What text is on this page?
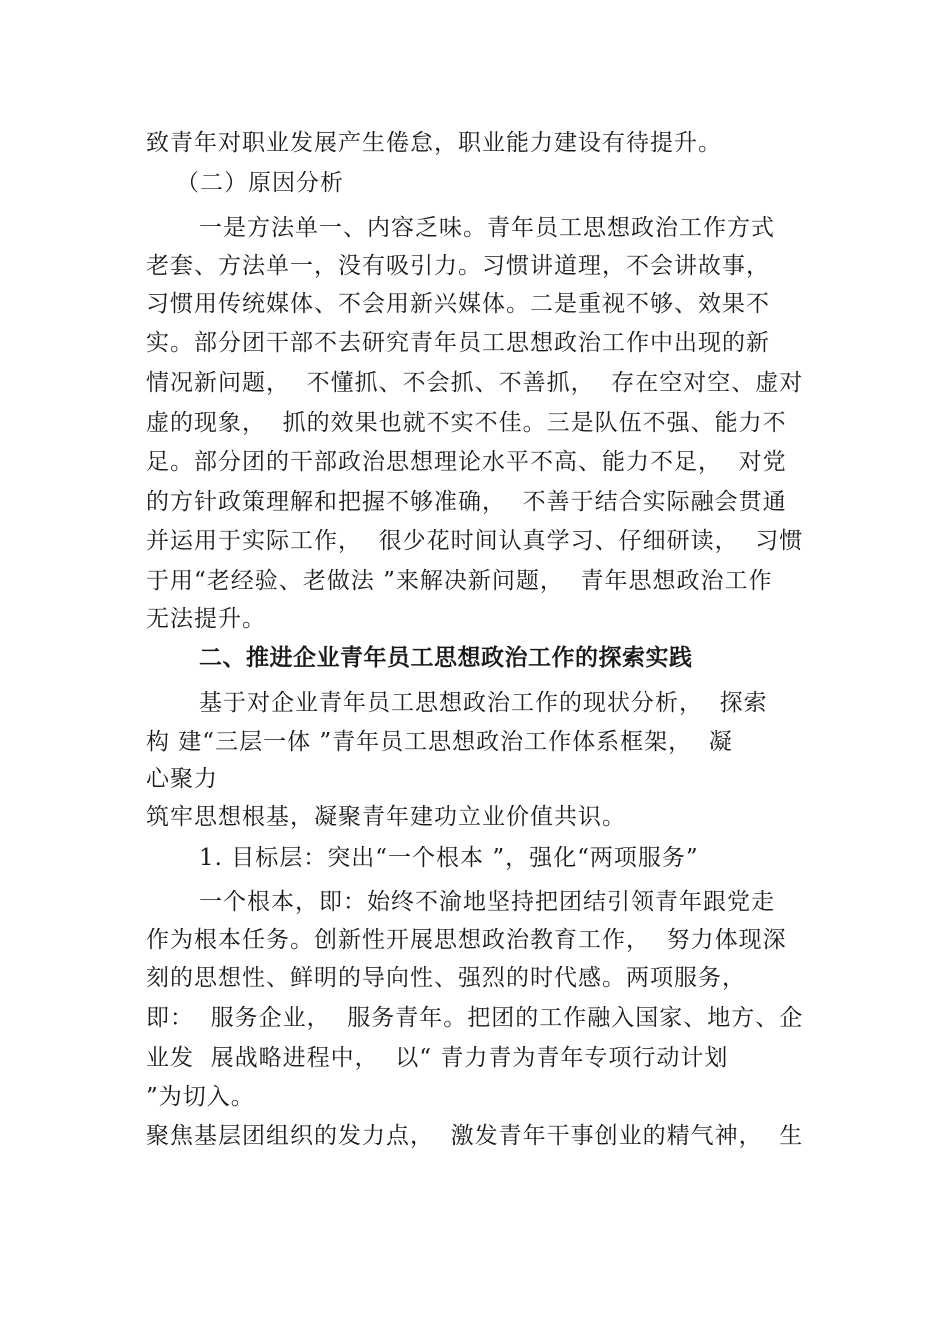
致青年对职业发展产生倦怠，职业能力建设有待提升。
（二）原因分析
一是方法单一、内容乏味。青年员工思想政治工作方式
老套、方法单一，没有吸引力。习惯讲道理，不会讲故事，
习惯用传统媒体、不会用新兴媒体。二是重视不够、效果不
实。部分团干部不去研究青年员工思想政治工作中出现的新
情况新问题，  不懂抓、不会抓、不善抓，  存在空对空、虚对
虚的现象，  抓的效果也就不实不佳。三是队伍不强、能力不
足。部分团的干部政治思想理论水平不高、能力不足，  对党
的方针政策理解和把握不够准确，  不善于结合实际融会贯通
并运用于实际工作，  很少花时间认真学习、仔细研读，  习惯
于用“老经验、老做法 ”来解决新问题，  青年思想政治工作
无法提升。
二、推进企业青年员工思想政治工作的探索实践
基于对企业青年员工思想政治工作的现状分析，  探索
构 建“三层一体 ”青年员工思想政治工作体系框架，  凝
心聚力
筑牢思想根基，凝聚青年建功立业价值共识。
1. 目标层：突出“一个根本 ”，强化“两项服务”
一个根本，即：始终不渝地坚持把团结引领青年跟党走
作为根本任务。创新性开展思想政治教育工作，  努力体现深
刻的思想性、鲜明的导向性、强烈的时代感。两项服务，
即：  服务企业，  服务青年。把团的工作融入国家、地方、企
业发  展战略进程中，  以“ 青力青为青年专项行动计划
”为切入。
聚焦基层团组织的发力点，  激发青年干事创业的精气神，  生
